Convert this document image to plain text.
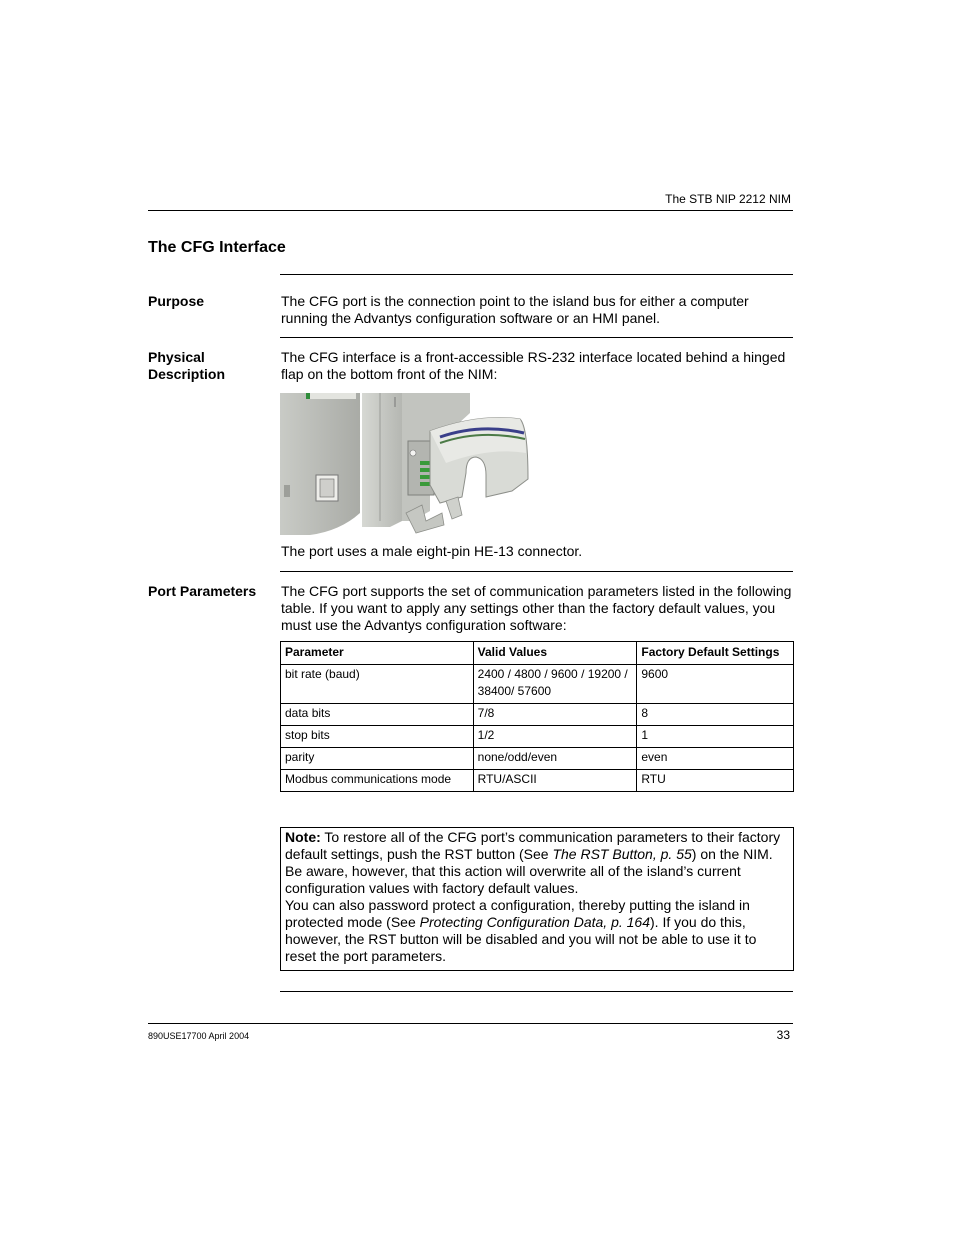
The STB NIP 2212 NIM
The CFG Interface
Purpose	The CFG port is the connection point to the island bus for either a computer running the Advantys configuration software or an HMI panel.
Physical
Description
The CFG interface is a front-accessible RS-232 interface located behind a hinged flap on the bottom front of the NIM:
The port uses a male eight-pin HE-13 connector.
Port Parameters The CFG port supports the set of communication parameters listed in the following table. If you want to apply any settings other than the factory default values, you must use the Advantys configuration software:
Parameter	Valid Values	Factory Default Settings
bit rate (baud)	2400 / 4800 / 9600 / 19200 / 38400/ 57600	9600
data bits	7/8	8
stop bits	1/2	1
parity	none/odd/even	even
Modbus communications mode	RTU/ASCII	RTU
Note: To restore all of the CFG port’s communication parameters to their factory default settings, push the RST button (See The RST Button, p. 55) on the NIM. Be aware, however, that this action will overwrite all of the island’s current configuration values with factory default values.
You can also password protect a configuration, thereby putting the island in protected mode (See Protecting Configuration Data, p. 164). If you do this, however, the RST button will be disabled and you will not be able to use it to reset the port parameters.
890USE17700 April 2004	33
